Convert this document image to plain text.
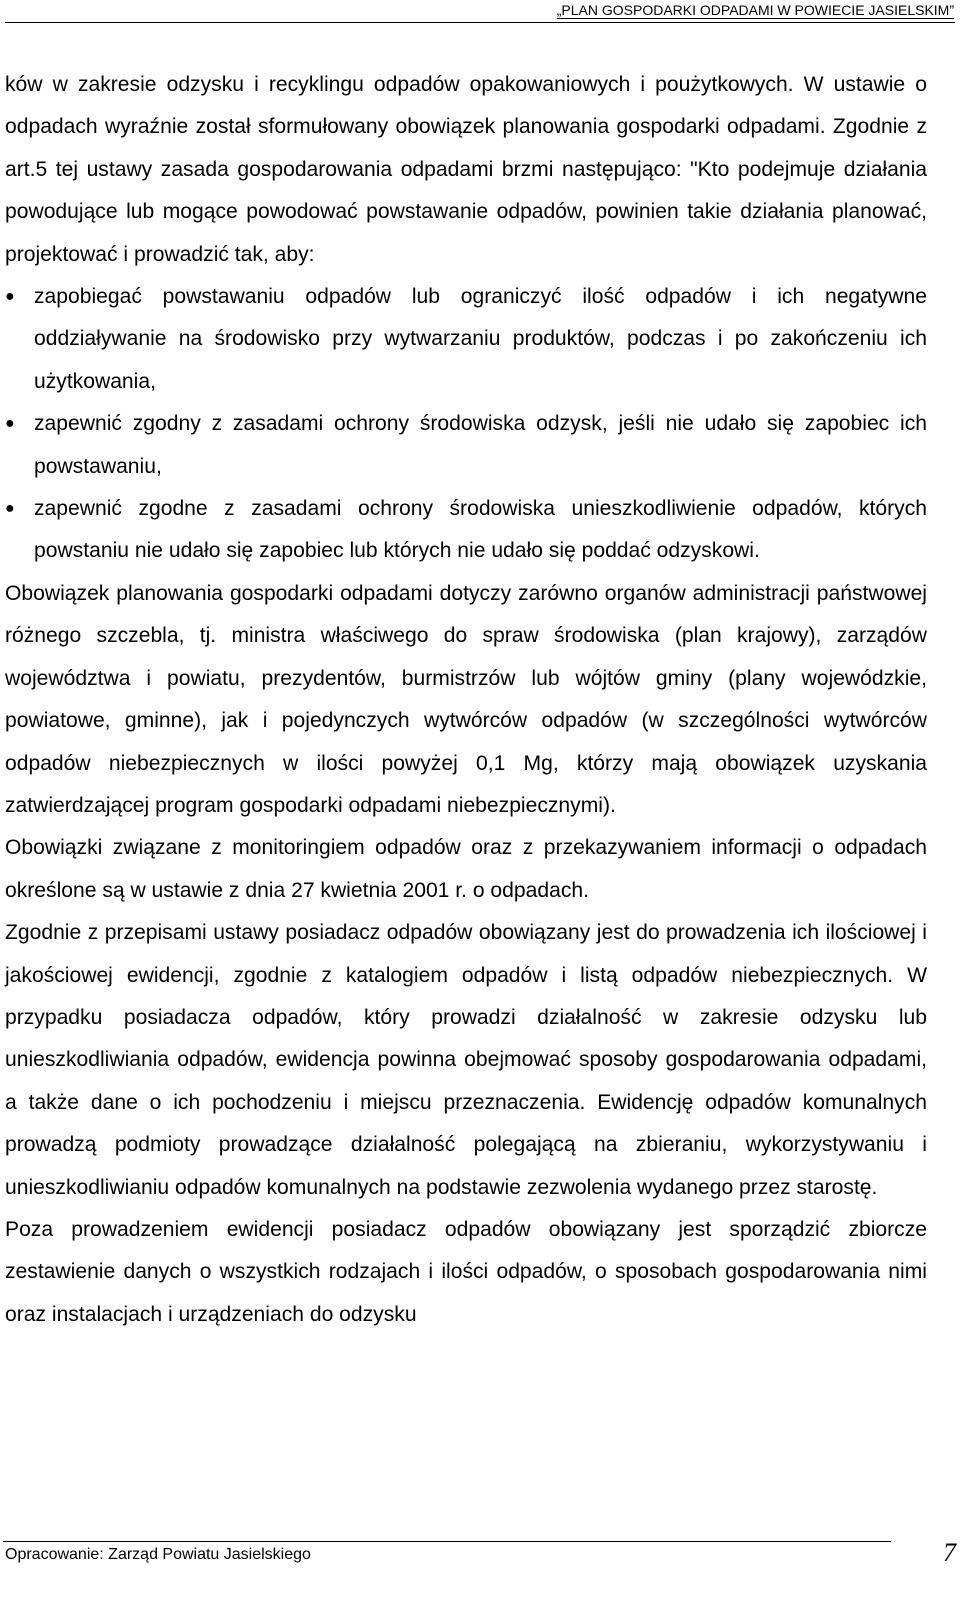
„PLAN GOSPODARKI ODPADAMI W POWIECIE JASIELSKIM”

ków w zakresie odzysku i recyklingu odpadów opakowaniowych i poużytkowych. W ustawie o odpadach wyraźnie został sformułowany obowiązek planowania gospodarki odpadami. Zgodnie z art.5 tej ustawy zasada gospodarowania odpadami brzmi następująco: "Kto podejmuje działania powodujące lub mogące powodować powstawanie odpadów, powinien takie działania planować, projektować i prowadzić tak, aby:

● zapobiegać powstawaniu odpadów lub ograniczyć ilość odpadów i ich negatywne oddziaływanie na środowisko przy wytwarzaniu produktów, podczas i po zakończeniu ich użytkowania,
● zapewnić zgodny z zasadami ochrony środowiska odzysk, jeśli nie udało się zapobiec ich powstawaniu,
● zapewnić zgodne z zasadami ochrony środowiska unieszkodliwienie odpadów, których powstaniu nie udało się zapobiec lub których nie udało się poddać odzyskowi.

Obowiązek planowania gospodarki odpadami dotyczy zarówno organów administracji państwowej różnego szczebla, tj. ministra właściwego do spraw środowiska (plan krajowy), zarządów województwa i powiatu, prezydentów, burmistrzów lub wójtów gminy (plany wojewódzkie, powiatowe, gminne), jak i pojedynczych wytwórców odpadów (w szczególności wytwórców odpadów niebezpiecznych w ilości powyżej 0,1 Mg, którzy mają obowiązek uzyskania zatwierdzającej program gospodarki odpadami niebezpiecznymi).

Obowiązki związane z monitoringiem odpadów oraz z przekazywaniem informacji o odpadach określone są w ustawie z dnia 27 kwietnia 2001 r. o odpadach.

Zgodnie z przepisami ustawy posiadacz odpadów obowiązany jest do prowadzenia ich ilościowej i jakościowej ewidencji, zgodnie z katalogiem odpadów i listą odpadów niebezpiecznych. W przypadku posiadacza odpadów, który prowadzi działalność w zakresie odzysku lub unieszkodliwiania odpadów, ewidencja powinna obejmować sposoby gospodarowania odpadami, a także dane o ich pochodzeniu i miejscu przeznaczenia. Ewidencję odpadów komunalnych prowadzą podmioty prowadzące działalność polegającą na zbieraniu, wykorzystywaniu i unieszkodliwianiu odpadów komunalnych na podstawie zezwolenia wydanego przez starostę.

Poza prowadzeniem ewidencji posiadacz odpadów obowiązany jest sporządzić zbiorcze zestawienie danych o wszystkich rodzajach i ilości odpadów, o sposobach gospodarowania nimi oraz instalacjach i urządzeniach do odzysku

Opracowanie: Zarząd Powiatu Jasielskiego	7
